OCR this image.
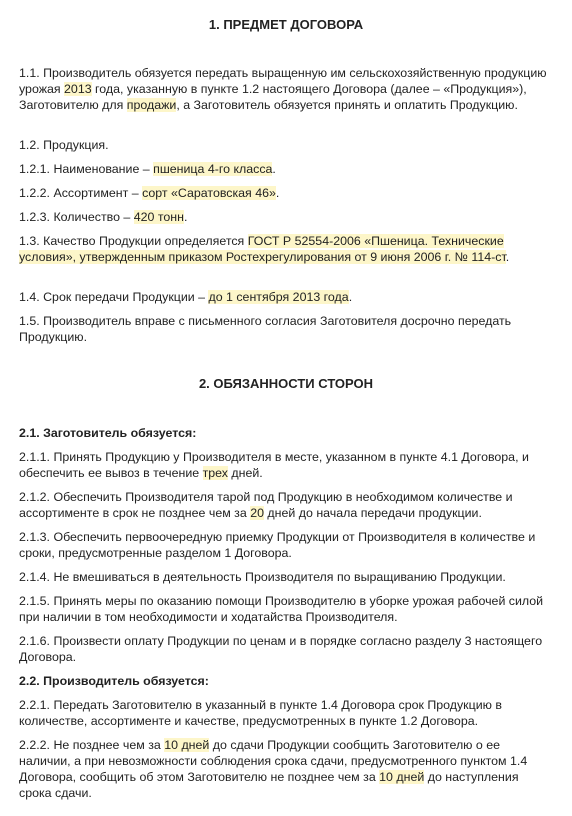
1. ПРЕДМЕТ ДОГОВОРА

1.1. Производитель обязуется передать выращенную им сельскохозяйственную продукцию урожая 2013 года, указанную в пункте 1.2 настоящего Договора (далее – «Продукция»), Заготовителю для продажи, а Заготовитель обязуется принять и оплатить Продукцию.

1.2. Продукция.

1.2.1. Наименование – пшеница 4-го класса.

1.2.2. Ассортимент – сорт «Саратовская 46».

1.2.3. Количество – 420 тонн.

1.3. Качество Продукции определяется ГОСТ Р 52554-2006 «Пшеница. Технические условия», утвержденным приказом Ростехрегулирования от 9 июня 2006 г. № 114-ст.

1.4. Срок передачи Продукции – до 1 сентября 2013 года.

1.5. Производитель вправе с письменного согласия Заготовителя досрочно передать Продукцию.

2. ОБЯЗАННОСТИ СТОРОН

2.1. Заготовитель обязуется:

2.1.1. Принять Продукцию у Производителя в месте, указанном в пункте 4.1 Договора, и обеспечить ее вывоз в течение трех дней.

2.1.2. Обеспечить Производителя тарой под Продукцию в необходимом количестве и ассортименте в срок не позднее чем за 20 дней до начала передачи продукции.

2.1.3. Обеспечить первоочередную приемку Продукции от Производителя в количестве и сроки, предусмотренные разделом 1 Договора.

2.1.4. Не вмешиваться в деятельность Производителя по выращиванию Продукции.

2.1.5. Принять меры по оказанию помощи Производителю в уборке урожая рабочей силой при наличии в том необходимости и ходатайства Производителя.

2.1.6. Произвести оплату Продукции по ценам и в порядке согласно разделу 3 настоящего Договора.

2.2. Производитель обязуется:

2.2.1. Передать Заготовителю в указанный в пункте 1.4 Договора срок Продукцию в количестве, ассортименте и качестве, предусмотренных в пункте 1.2 Договора.

2.2.2. Не позднее чем за 10 дней до сдачи Продукции сообщить Заготовителю о ее наличии, а при невозможности соблюдения срока сдачи, предусмотренного пунктом 1.4 Договора, сообщить об этом Заготовителю не позднее чем за 10 дней до наступления срока сдачи.
